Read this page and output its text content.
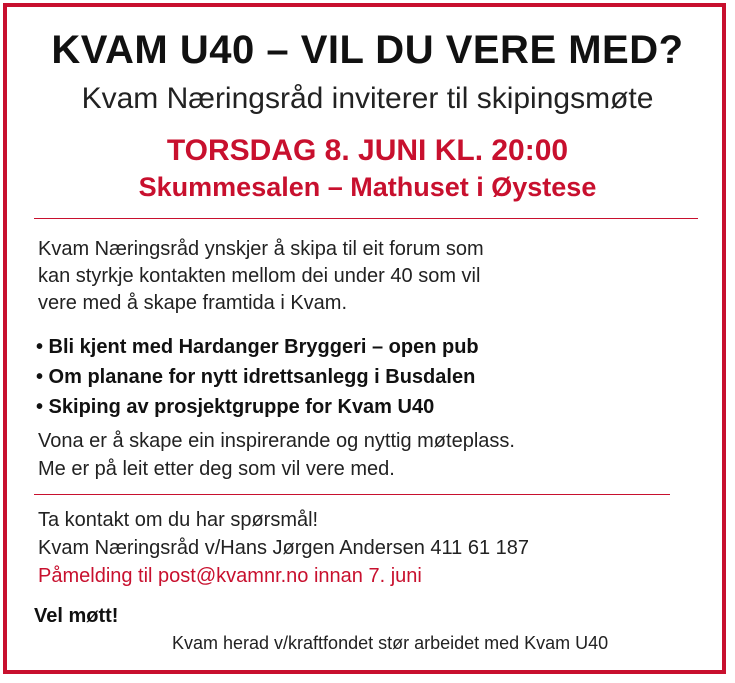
KVAM U40 – VIL DU VERE MED?
Kvam Næringsråd inviterer til skipingsmøte
TORSDAG 8. JUNI KL. 20:00
Skummesalen – Mathuset i Øystese
Kvam Næringsråd ynskjer å skipa til eit forum som
kan styrkje kontakten mellom dei under 40 som vil
vere med å skape framtida i Kvam.
• Bli kjent med Hardanger Bryggeri – open pub
• Om planane for nytt idrettsanlegg i Busdalen
• Skiping av prosjektgruppe for Kvam U40
Vona er å skape ein inspirerande og nyttig møteplass.
Me er på leit etter deg som vil vere med.
Ta kontakt om du har spørsmål!
Kvam Næringsråd v/Hans Jørgen Andersen 411 61 187
Påmelding til post@kvamnr.no innan 7. juni
Vel møtt!
Kvam herad v/kraftfondet stør arbeidet med Kvam U40
